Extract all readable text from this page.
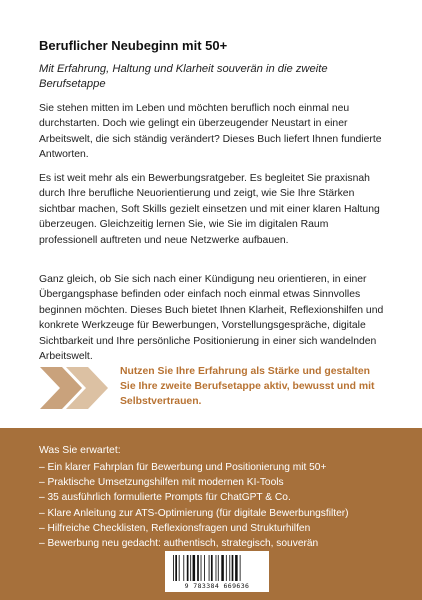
Beruflicher Neubeginn mit 50+
Mit Erfahrung, Haltung und Klarheit souverän in die zweite Berufsetappe

Sie stehen mitten im Leben und möchten beruflich noch einmal neu durchstarten. Doch wie gelingt ein überzeugender Neustart in einer Arbeitswelt, die sich ständig verändert? Dieses Buch liefert Ihnen fundierte Antworten.

Es ist weit mehr als ein Bewerbungsratgeber. Es begleitet Sie praxisnah durch Ihre berufliche Neuorientierung und zeigt, wie Sie Ihre Stärken sichtbar machen, Soft Skills gezielt einsetzen und mit einer klaren Haltung überzeugen. Gleichzeitig lernen Sie, wie Sie im digitalen Raum professionell auftreten und neue Netzwerke aufbauen.

Ganz gleich, ob Sie sich nach einer Kündigung neu orientieren, in einer Übergangsphase befinden oder einfach noch einmal etwas Sinnvolles beginnen möchten. Dieses Buch bietet Ihnen Klarheit, Reflexionshilfen und konkrete Werkzeuge für Bewerbungen, Vorstellungsgespräche, digitale Sichtbarkeit und Ihre persönliche Positionierung in einer sich wandelnden Arbeitswelt.

Nutzen Sie Ihre Erfahrung als Stärke und gestalten Sie Ihre zweite Berufsetappe aktiv, bewusst und mit Selbstvertrauen.
Was Sie erwartet:
– Ein klarer Fahrplan für Bewerbung und Positionierung mit 50+
– Praktische Umsetzungshilfen mit modernen KI-Tools
– 35 ausführlich formulierte Prompts für ChatGPT & Co.
– Klare Anleitung zur ATS-Optimierung (für digitale Bewerbungsfilter)
– Hilfreiche Checklisten, Reflexionsfragen und Strukturhilfen
– Bewerbung neu gedacht: authentisch, strategisch, souverän
9 783384 669636
